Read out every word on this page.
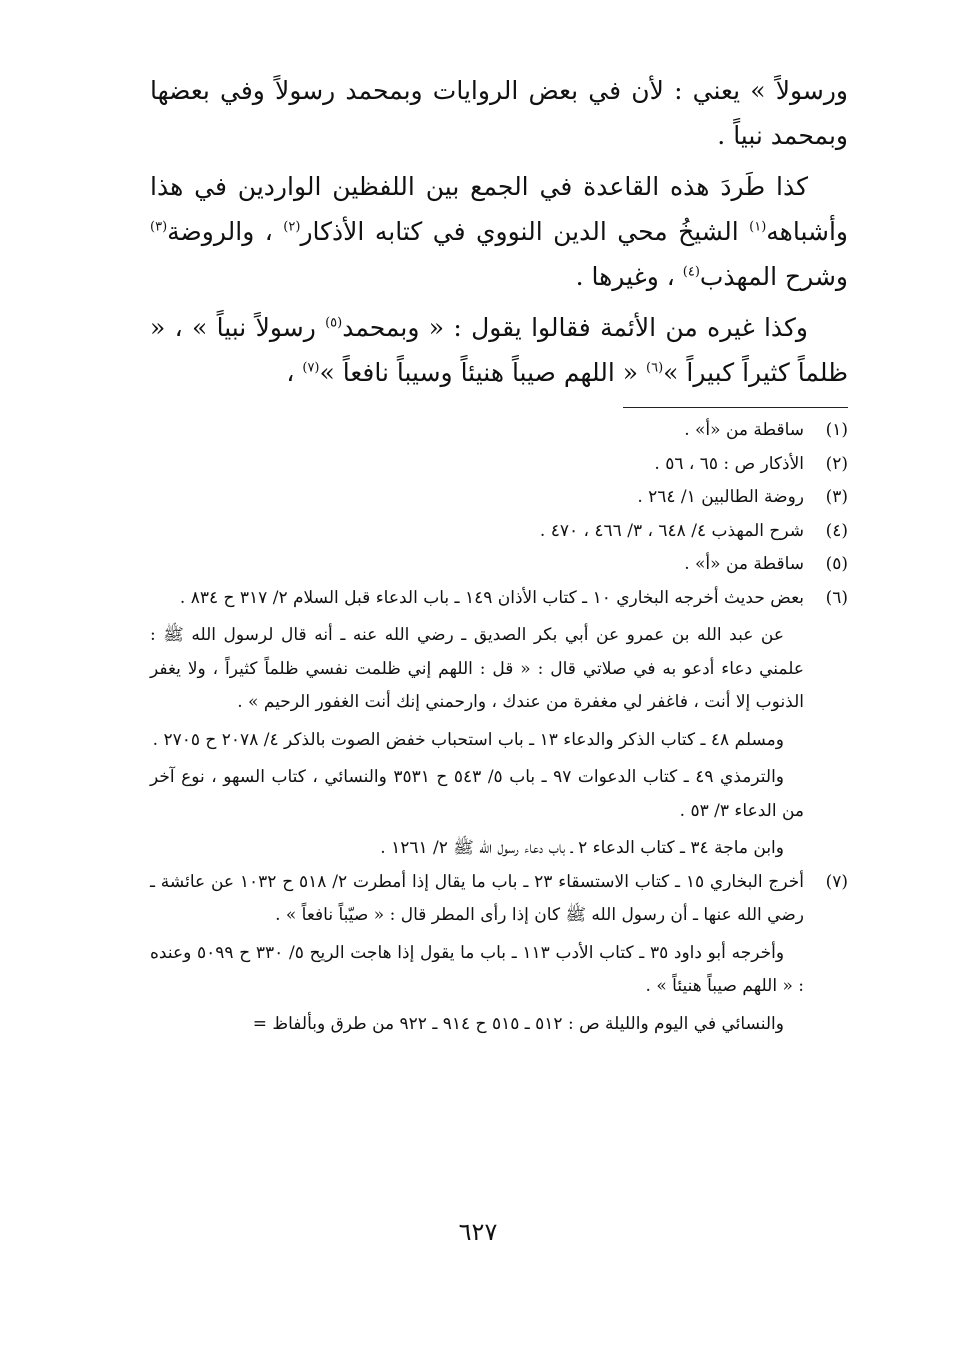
ورسولاً » يعني : لأن في بعض الروايات وبمحمد رسولاً وفي بعضها وبمحمد نبياً .

كذا طَردَ هذه القاعدة في الجمع بين اللفظين الواردين في هذا وأشباهه$^{(١)}$ الشيخُ محي الدين النووي في كتابه الأذكار$^{(٢)}$ ، والروضة$^{(٣)}$ وشرح المهذب$^{(٤)}$ ، وغيرها .

وكذا غيره من الأئمة فقالوا يقول : « وبمحمد$^{(٥)}$ رسولاً نبياً » ، « ظلماً كثيراً كبيراً »$^{(٦)}$ « اللهم صيباً هنيئاً وسيباً نافعاً »$^{(٧)}$ ،

(١)

ساقطة من «أ» .

(٢)

الأذكار ص : ٦٥ ، ٥٦ .

(٣)

روضة الطالبين ١/ ٢٦٤ .

(٤)

شرح المهذب ٤/ ٦٤٨ ، ٣/ ٤٦٦ ، ٤٧٠ .

(٥)

ساقطة من «أ» .

(٦)

بعض حديث أخرجه البخاري ١٠ ـ كتاب الأذان ١٤٩ ـ باب الدعاء قبل السلام ٢/ ٣١٧ ح ٨٣٤ .

عن عبد الله بن عمرو عن أبي بكر الصديق ـ رضي الله عنه ـ أنه قال لرسول الله ﷺ : علمني دعاء أدعو به في صلاتي قال : « قل : اللهم إني ظلمت نفسي ظلماً كثيراً ، ولا يغفر الذنوب إلا أنت ، فاغفر لي مغفرة من عندك ، وارحمني إنك أنت الغفور الرحيم » .

ومسلم ٤٨ ـ كتاب الذكر والدعاء ١٣ ـ باب استحباب خفض الصوت بالذكر ٤/ ٢٠٧٨ ح ٢٧٠٥ .

والترمذي ٤٩ ـ كتاب الدعوات ٩٧ ـ باب ٥/ ٥٤٣ ح ٣٥٣١ والنسائي ، كتاب السهو ، نوع آخر من الدعاء ٣/ ٥٣ .

وابن ماجة ٣٤ ـ كتاب الدعاء ٢ ـ باب دعاء رسول الله ﷺ ٢/ ١٢٦١ .

(٧)

أخرج البخاري ١٥ ـ كتاب الاستسقاء ٢٣ ـ باب ما يقال إذا أمطرت ٢/ ٥١٨ ح ١٠٣٢ عن عائشة ـ رضي الله عنها ـ أن رسول الله ﷺ كان إذا رأى المطر قال : « صيّباً نافعاً » .

وأخرجه أبو داود ٣٥ ـ كتاب الأدب ١١٣ ـ باب ما يقول إذا هاجت الريح ٥/ ٣٣٠ ح ٥٠٩٩ وعنده : « اللهم صيباً هنيئاً » .

والنسائي في اليوم والليلة ص : ٥١٢ ـ ٥١٥ ح ٩١٤ ـ ٩٢٢ من طرق وبألفاظ =

٦٢٧
